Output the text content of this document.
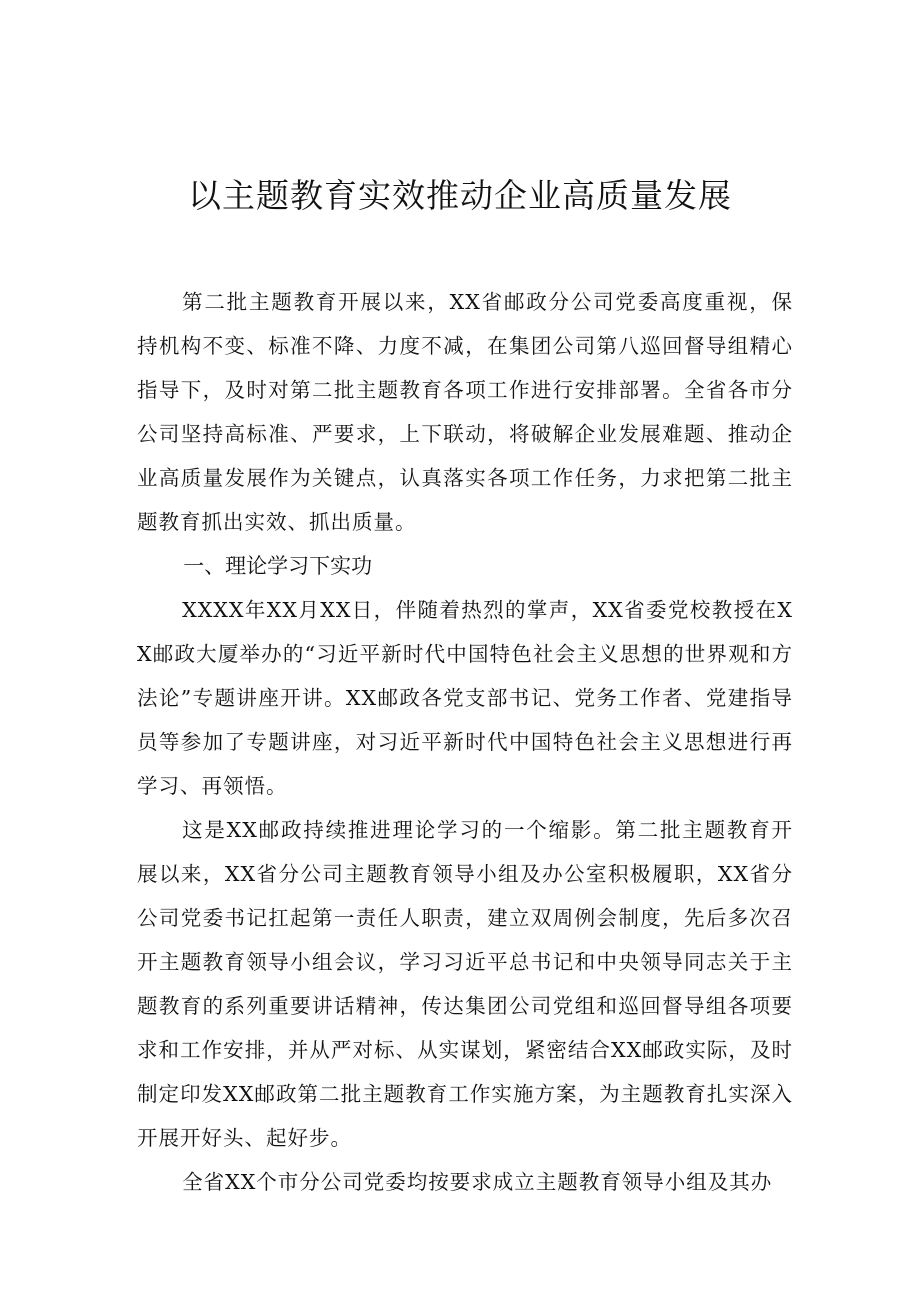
以主题教育实效推动企业高质量发展

第二批主题教育开展以来，XX省邮政分公司党委高度重视，保持机构不变、标准不降、力度不减，在集团公司第八巡回督导组精心指导下，及时对第二批主题教育各项工作进行安排部署。全省各市分公司坚持高标准、严要求，上下联动，将破解企业发展难题、推动企业高质量发展作为关键点，认真落实各项工作任务，力求把第二批主题教育抓出实效、抓出质量。

一、理论学习下实功

XXXX年XX月XX日，伴随着热烈的掌声，XX省委党校教授在XX邮政大厦举办的“习近平新时代中国特色社会主义思想的世界观和方法论”专题讲座开讲。XX邮政各党支部书记、党务工作者、党建指导员等参加了专题讲座，对习近平新时代中国特色社会主义思想进行再学习、再领悟。

这是XX邮政持续推进理论学习的一个缩影。第二批主题教育开展以来，XX省分公司主题教育领导小组及办公室积极履职，XX省分公司党委书记扛起第一责任人职责，建立双周例会制度，先后多次召开主题教育领导小组会议，学习习近平总书记和中央领导同志关于主题教育的系列重要讲话精神，传达集团公司党组和巡回督导组各项要求和工作安排，并从严对标、从实谋划，紧密结合XX邮政实际，及时制定印发XX邮政第二批主题教育工作实施方案，为主题教育扎实深入开展开好头、起好步。

全省XX个市分公司党委均按要求成立主题教育领导小组及其办
